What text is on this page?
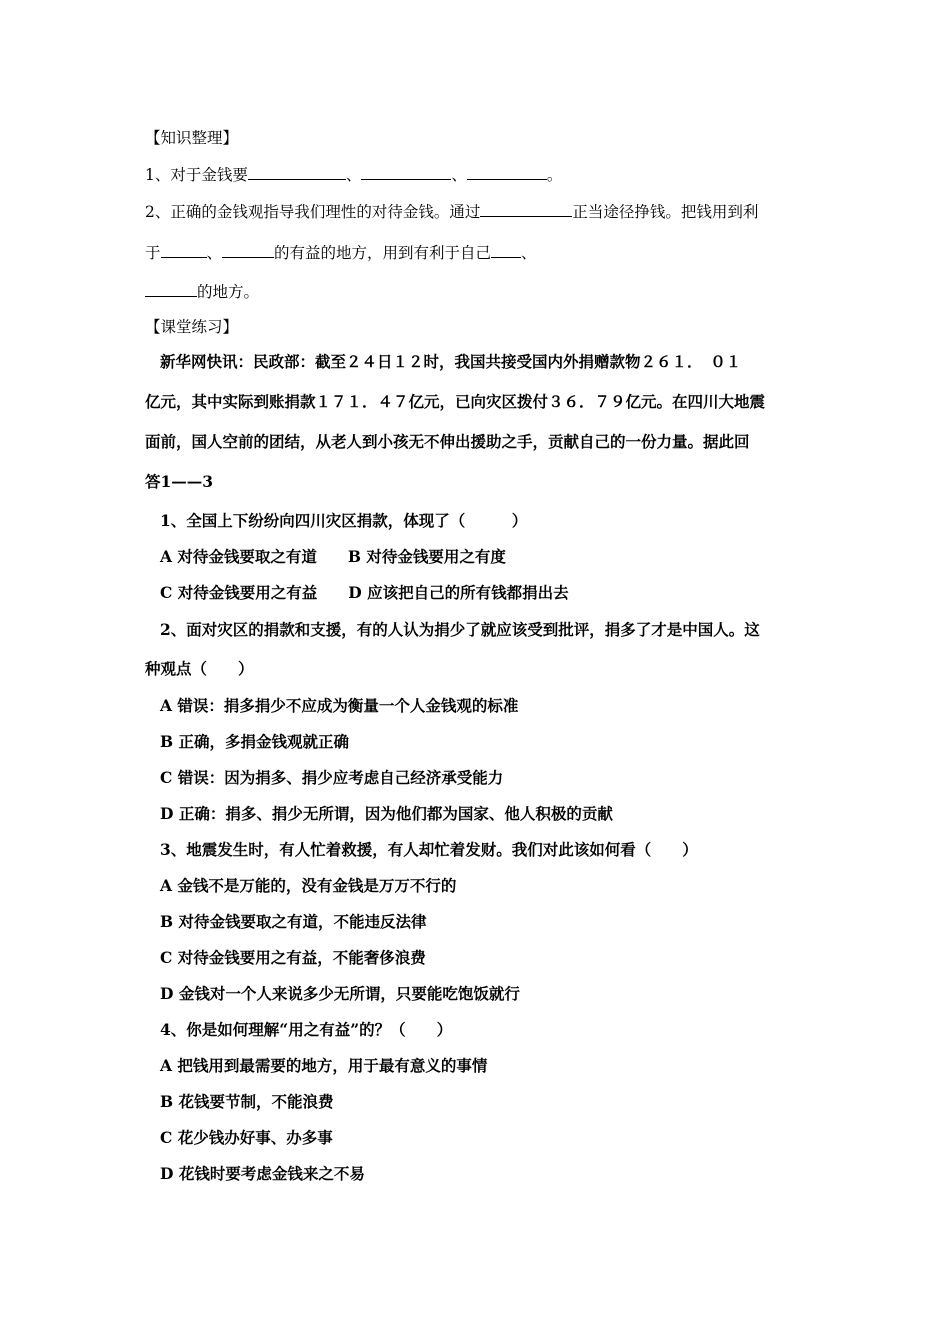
【知识整理】
1、对于金钱要	、	、	。
2、正确的金钱观指导我们理性的对待金钱。通过	正当途径挣钱。把钱用到利
于	、	的有益的地方，用到有利于自己 、
的地方。
【课堂练习】
新华网快讯：民政部：截至２４日１２时，我国共接受国内外捐赠款物２６１．　０１
亿元，其中实际到账捐款１７１．４７亿元，已向灾区拨付３６．７９亿元。在四川大地震
面前，国人空前的团结，从老人到小孩无不伸出援助之手，贡献自己的一份力量。据此回
答1——3
1、全国上下纷纷向四川灾区捐款，体现了（　　　）
A 对待金钱要取之有道　　B 对待金钱要用之有度
C 对待金钱要用之有益　　D 应该把自己的所有钱都捐出去
2、面对灾区的捐款和支援，有的人认为捐少了就应该受到批评，捐多了才是中国人。这
种观点（　　）
A 错误：捐多捐少不应成为衡量一个人金钱观的标准
B 正确，多捐金钱观就正确
C 错误：因为捐多、捐少应考虑自己经济承受能力
D 正确：捐多、捐少无所谓，因为他们都为国家、他人积极的贡献
3、地震发生时，有人忙着救援，有人却忙着发财。我们对此该如何看（　　）
A 金钱不是万能的，没有金钱是万万不行的
B 对待金钱要取之有道，不能违反法律
C 对待金钱要用之有益，不能奢侈浪费
D 金钱对一个人来说多少无所谓，只要能吃饱饭就行
4、你是如何理解“用之有益”的？（　　）
A 把钱用到最需要的地方，用于最有意义的事情
B 花钱要节制，不能浪费
C 花少钱办好事、办多事
D 花钱时要考虑金钱来之不易
